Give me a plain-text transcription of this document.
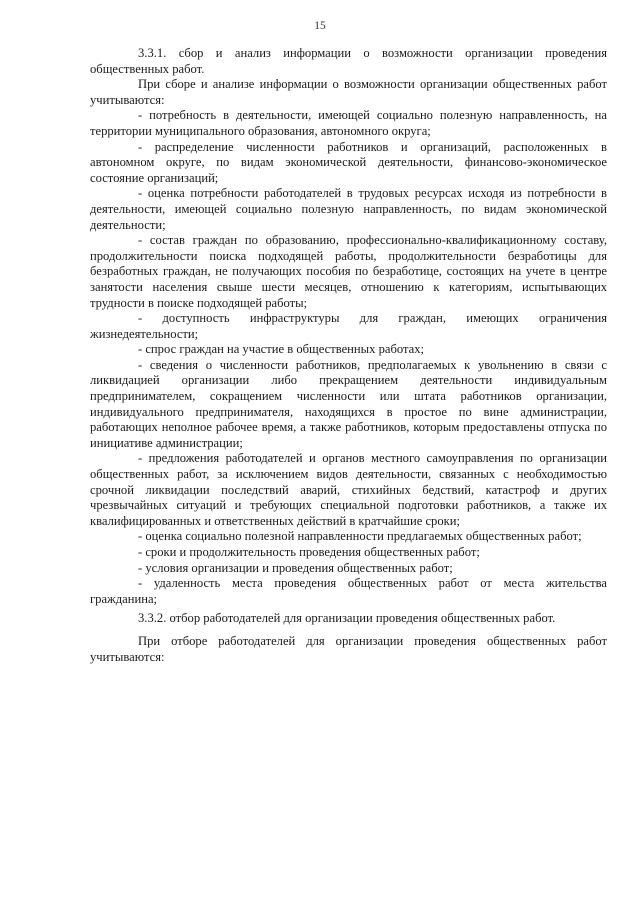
15

3.3.1. сбор и анализ информации о возможности организации проведения общественных работ.

При сборе и анализе информации о возможности организации общественных работ учитываются:

- потребность в деятельности, имеющей социально полезную направленность, на территории муниципального образования, автономного округа;

- распределение численности работников и организаций, расположенных в автономном округе, по видам экономической деятельности, финансово-экономическое состояние организаций;

- оценка потребности работодателей в трудовых ресурсах исходя из потребности в деятельности, имеющей социально полезную направленность, по видам экономической деятельности;

- состав граждан по образованию, профессионально-квалификационному составу, продолжительности поиска подходящей работы, продолжительности безработицы для безработных граждан, не получающих пособия по безработице, состоящих на учете в центре занятости населения свыше шести месяцев, отношению к категориям, испытывающих трудности в поиске подходящей работы;

- доступность инфраструктуры для граждан, имеющих ограничения жизнедеятельности;

- спрос граждан на участие в общественных работах;

- сведения о численности работников, предполагаемых к увольнению в связи с ликвидацией организации либо прекращением деятельности индивидуальным предпринимателем, сокращением численности или штата работников организации, индивидуального предпринимателя, находящихся в простое по вине администрации, работающих неполное рабочее время, а также работников, которым предоставлены отпуска по инициативе администрации;

- предложения работодателей и органов местного самоуправления по организации общественных работ, за исключением видов деятельности, связанных с необходимостью срочной ликвидации последствий аварий, стихийных бедствий, катастроф и других чрезвычайных ситуаций и требующих специальной подготовки работников, а также их квалифицированных и ответственных действий в кратчайшие сроки;

- оценка социально полезной направленности предлагаемых общественных работ;

- сроки и продолжительность проведения общественных работ;

- условия организации и проведения общественных работ;

- удаленность места проведения общественных работ от места жительства гражданина;

3.3.2. отбор работодателей для организации проведения общественных работ.

При отборе работодателей для организации проведения общественных работ учитываются:
